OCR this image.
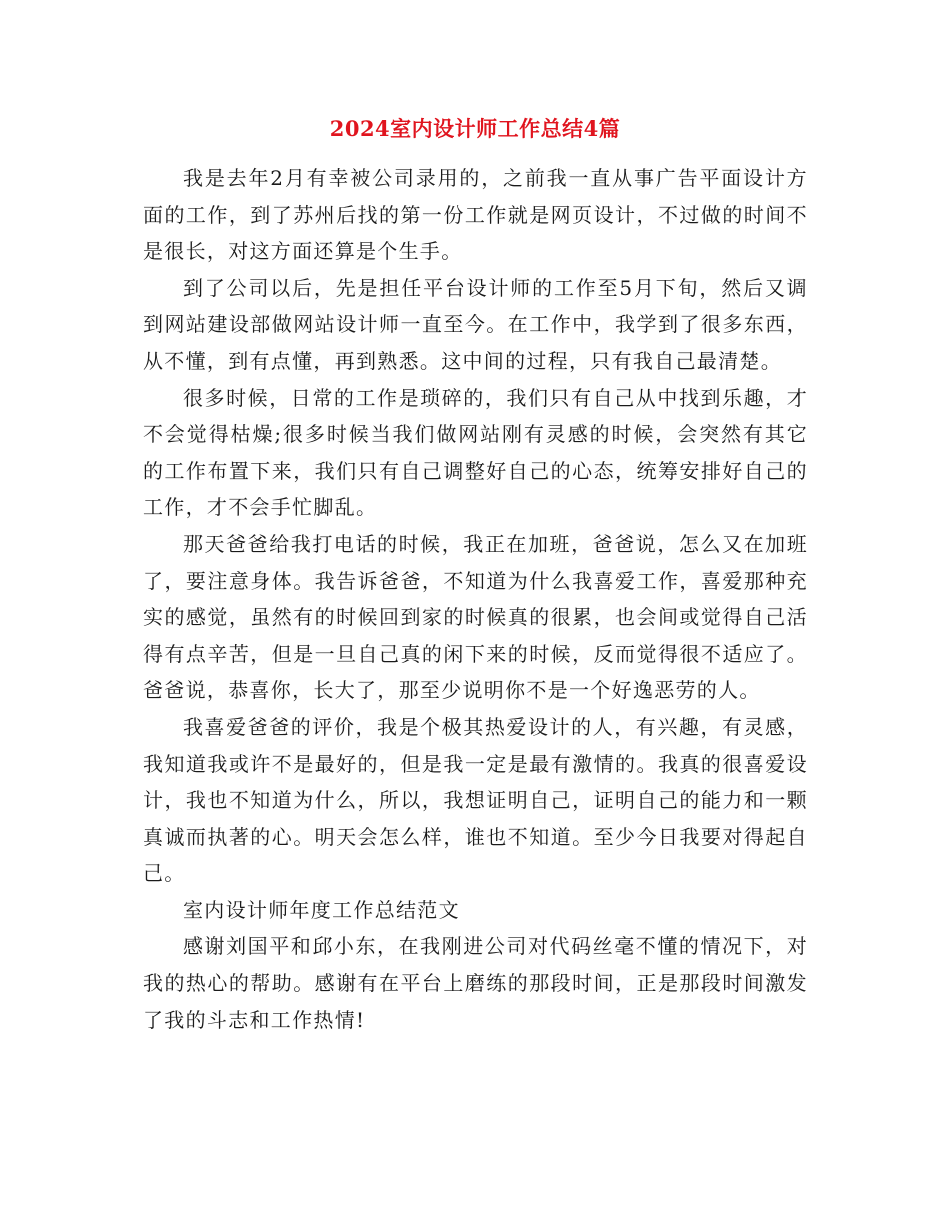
2024室内设计师工作总结4篇

我是去年2月有幸被公司录用的，之前我一直从事广告平面设计方面的工作，到了苏州后找的第一份工作就是网页设计，不过做的时间不是很长，对这方面还算是个生手。

到了公司以后，先是担任平台设计师的工作至5月下旬，然后又调到网站建设部做网站设计师一直至今。在工作中，我学到了很多东西，从不懂，到有点懂，再到熟悉。这中间的过程，只有我自己最清楚。

很多时候，日常的工作是琐碎的，我们只有自己从中找到乐趣，才不会觉得枯燥;很多时候当我们做网站刚有灵感的时候，会突然有其它的工作布置下来，我们只有自己调整好自己的心态，统筹安排好自己的工作，才不会手忙脚乱。

那天爸爸给我打电话的时候，我正在加班，爸爸说，怎么又在加班了，要注意身体。我告诉爸爸，不知道为什么我喜爱工作，喜爱那种充实的感觉，虽然有的时候回到家的时候真的很累，也会间或觉得自己活得有点辛苦，但是一旦自己真的闲下来的时候，反而觉得很不适应了。爸爸说，恭喜你，长大了，那至少说明你不是一个好逸恶劳的人。

我喜爱爸爸的评价，我是个极其热爱设计的人，有兴趣，有灵感，我知道我或许不是最好的，但是我一定是最有激情的。我真的很喜爱设计，我也不知道为什么，所以，我想证明自己，证明自己的能力和一颗真诚而执著的心。明天会怎么样，谁也不知道。至少今日我要对得起自己。

室内设计师年度工作总结范文

感谢刘国平和邱小东，在我刚进公司对代码丝毫不懂的情况下，对我的热心的帮助。感谢有在平台上磨练的那段时间，正是那段时间激发了我的斗志和工作热情!
